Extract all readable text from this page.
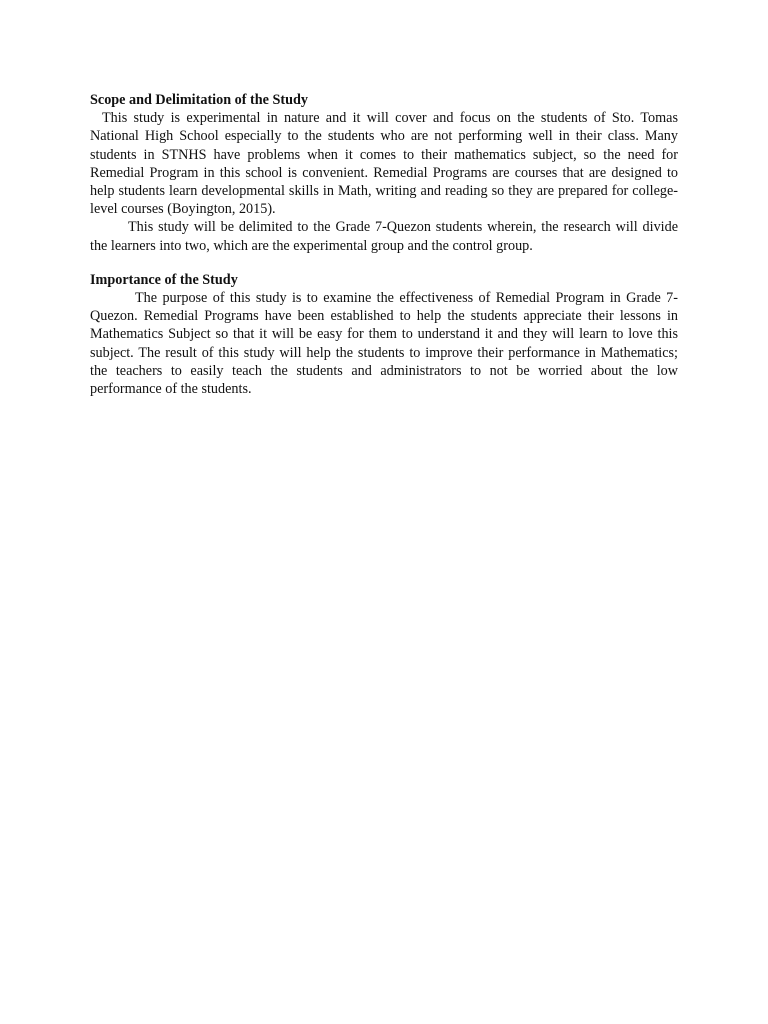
Scope and Delimitation of the Study

This study is experimental in nature and it will cover and focus on the students of Sto. Tomas National High School especially to the students who are not performing well in their class. Many students in STNHS have problems when it comes to their mathematics subject, so the need for Remedial Program in this school is convenient. Remedial Programs are courses that are designed to help students learn developmental skills in Math, writing and reading so they are prepared for college-level courses (Boyington, 2015).

This study will be delimited to the Grade 7-Quezon students wherein, the research will divide the learners into two, which are the experimental group and the control group.

Importance of the Study

The purpose of this study is to examine the effectiveness of Remedial Program in Grade 7-Quezon. Remedial Programs have been established to help the students appreciate their lessons in Mathematics Subject so that it will be easy for them to understand it and they will learn to love this subject. The result of this study will help the students to improve their performance in Mathematics; the teachers to easily teach the students and administrators to not be worried about the low performance of the students.
